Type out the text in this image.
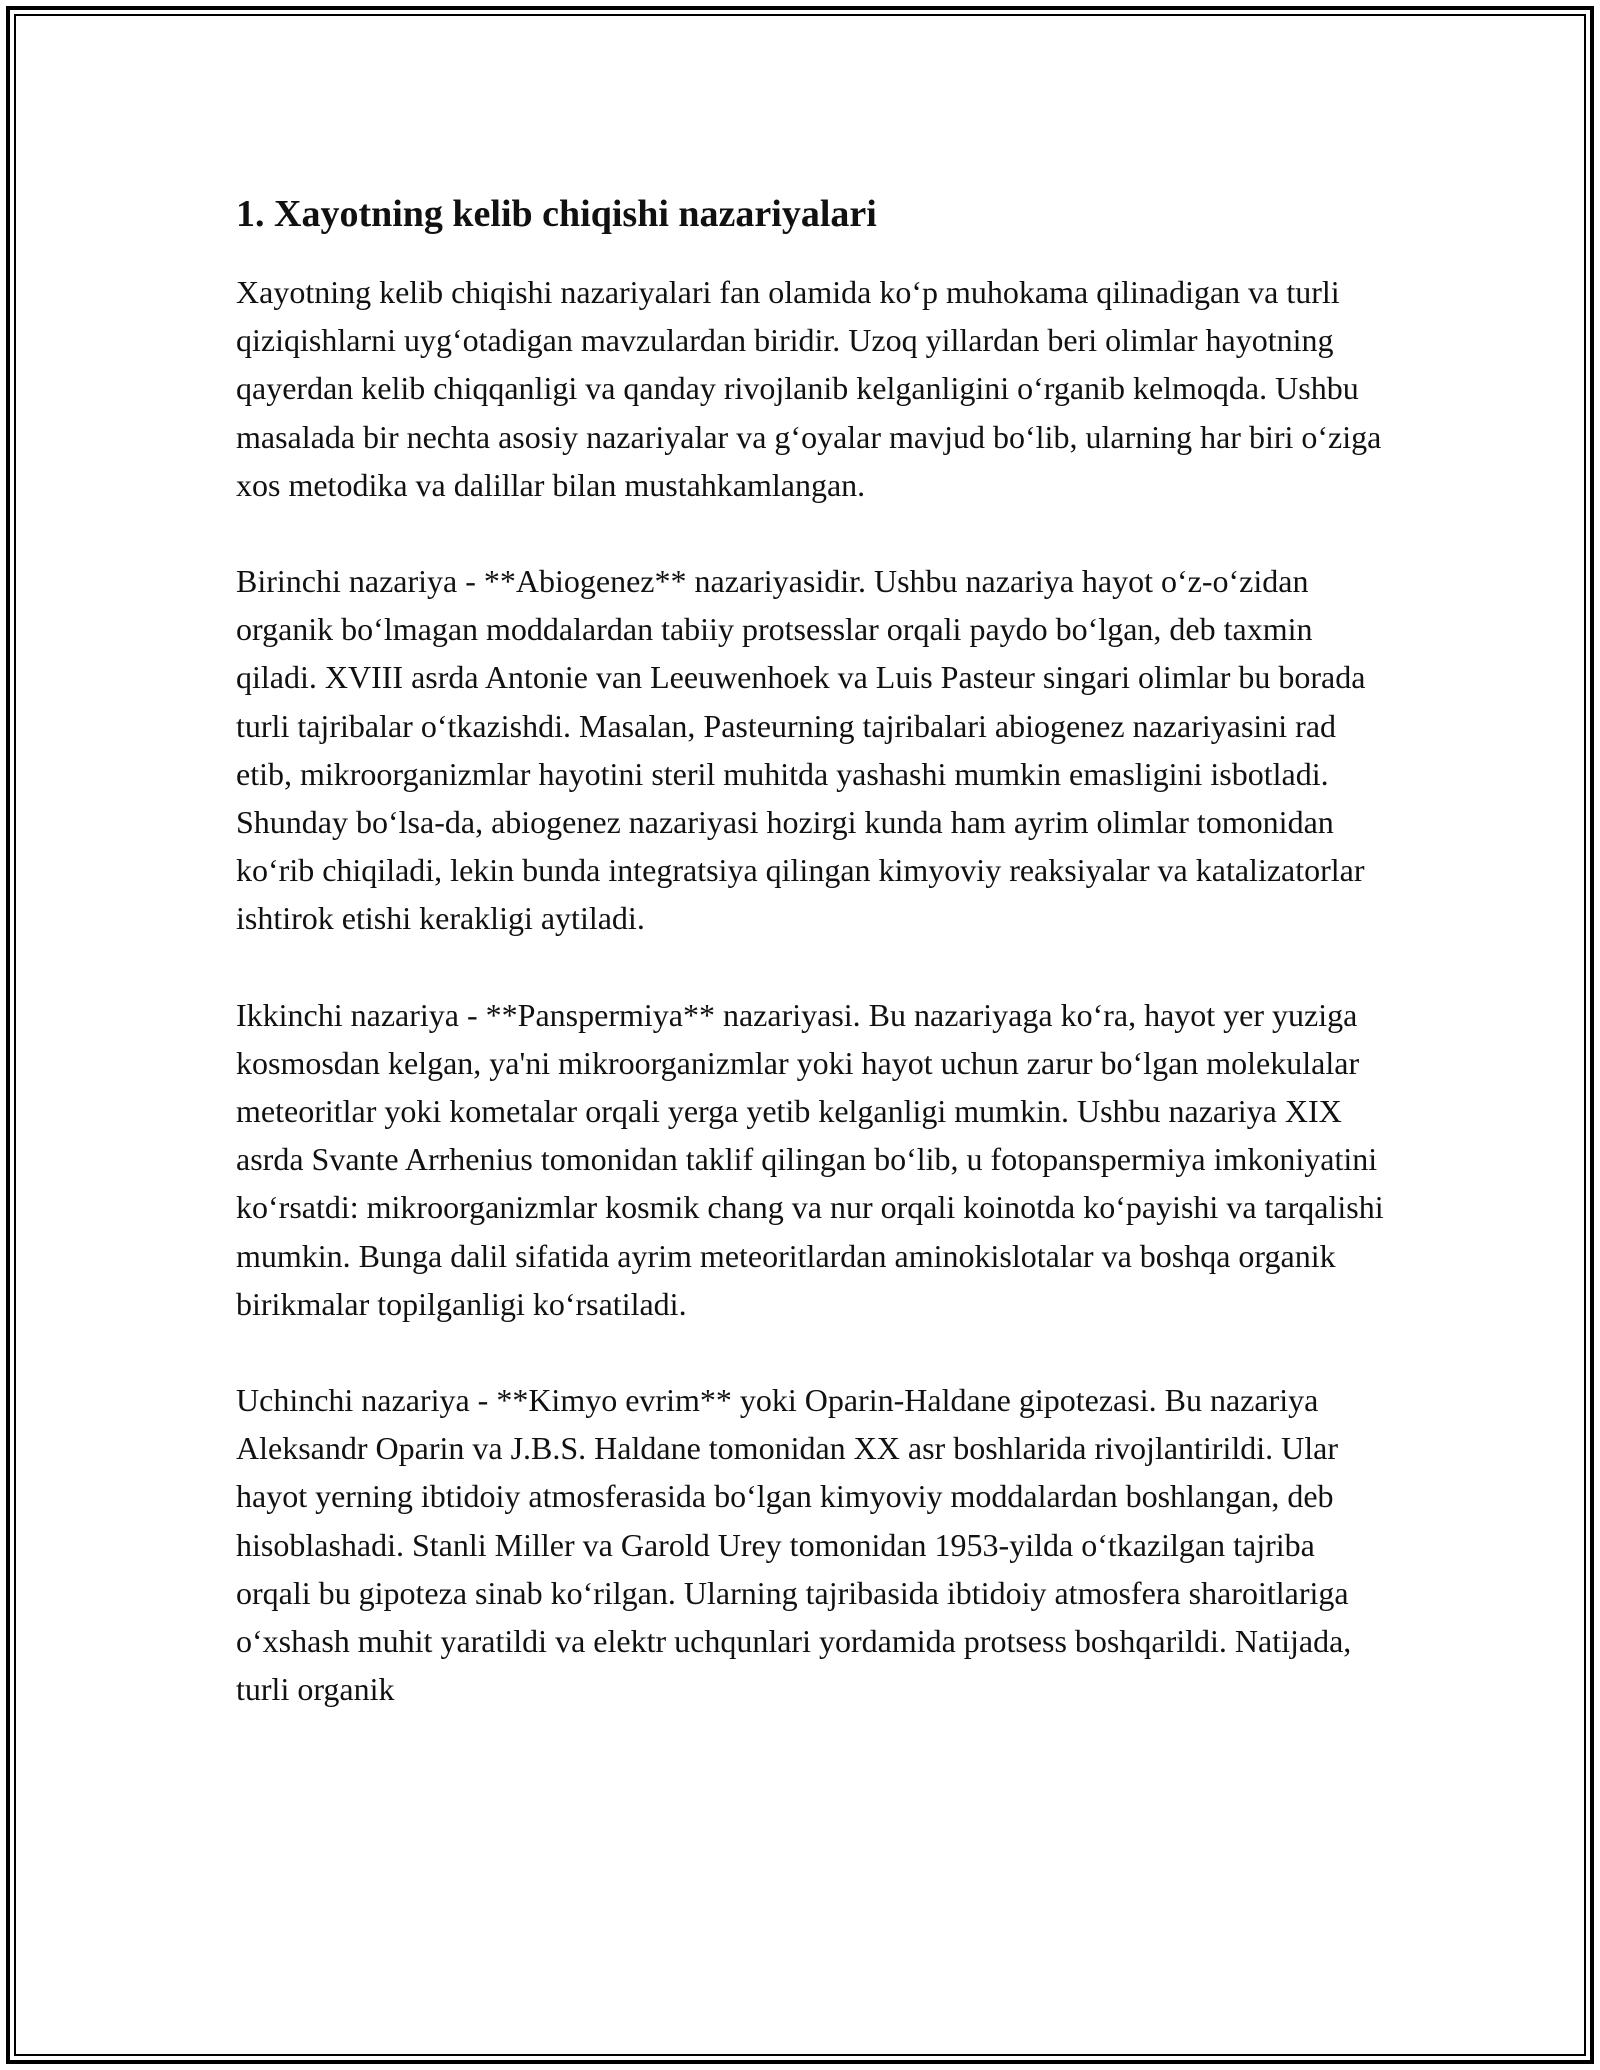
1. Xayotning kelib chiqishi nazariyalari

Xayotning kelib chiqishi nazariyalari fan olamida koʻp muhokama qilinadigan va turli qiziqishlarni uygʻotadigan mavzulardan biridir. Uzoq yillardan beri olimlar hayotning qayerdan kelib chiqqanligi va qanday rivojlanib kelganligini oʻrganib kelmoqda. Ushbu masalada bir nechta asosiy nazariyalar va gʻoyalar mavjud boʻlib, ularning har biri oʻziga xos metodika va dalillar bilan mustahkamlangan.

Birinchi nazariya - **Abiogenez** nazariyasidir. Ushbu nazariya hayot oʻz-oʻzidan organik boʻlmagan moddalardan tabiiy protsesslar orqali paydo boʻlgan, deb taxmin qiladi. XVIII asrda Antonie van Leeuwenhoek va Luis Pasteur singari olimlar bu borada turli tajribalar oʻtkazishdi. Masalan, Pasteurning tajribalari abiogenez nazariyasini rad etib, mikroorganizmlar hayotini steril muhitda yashashi mumkin emasligini isbotladi. Shunday boʻlsa-da, abiogenez nazariyasi hozirgi kunda ham ayrim olimlar tomonidan koʻrib chiqiladi, lekin bunda integratsiya qilingan kimyoviy reaksiyalar va katalizatorlar ishtirok etishi kerakligi aytiladi.

Ikkinchi nazariya - **Panspermiya** nazariyasi. Bu nazariyaga koʻra, hayot yer yuziga kosmosdan kelgan, ya'ni mikroorganizmlar yoki hayot uchun zarur boʻlgan molekulalar meteoritlar yoki kometalar orqali yerga yetib kelganligi mumkin. Ushbu nazariya XIX asrda Svante Arrhenius tomonidan taklif qilingan boʻlib, u fotopanspermiya imkoniyatini koʻrsatdi: mikroorganizmlar kosmik chang va nur orqali koinotda koʻpayishi va tarqalishi mumkin. Bunga dalil sifatida ayrim meteoritlardan aminokislotalar va boshqa organik birikmalar topilganligi koʻrsatiladi.

Uchinchi nazariya - **Kimyo evrim** yoki Oparin-Haldane gipotezasi. Bu nazariya Aleksandr Oparin va J.B.S. Haldane tomonidan XX asr boshlarida rivojlantirildi. Ular hayot yerning ibtidoiy atmosferasida boʻlgan kimyoviy moddalardan boshlangan, deb hisoblashadi. Stanli Miller va Garold Urey tomonidan 1953-yilda oʻtkazilgan tajriba orqali bu gipoteza sinab koʻrilgan. Ularning tajribasida ibtidoiy atmosfera sharoitlariga oʻxshash muhit yaratildi va elektr uchqunlari yordamida protsess boshqarildi. Natijada, turli organik
